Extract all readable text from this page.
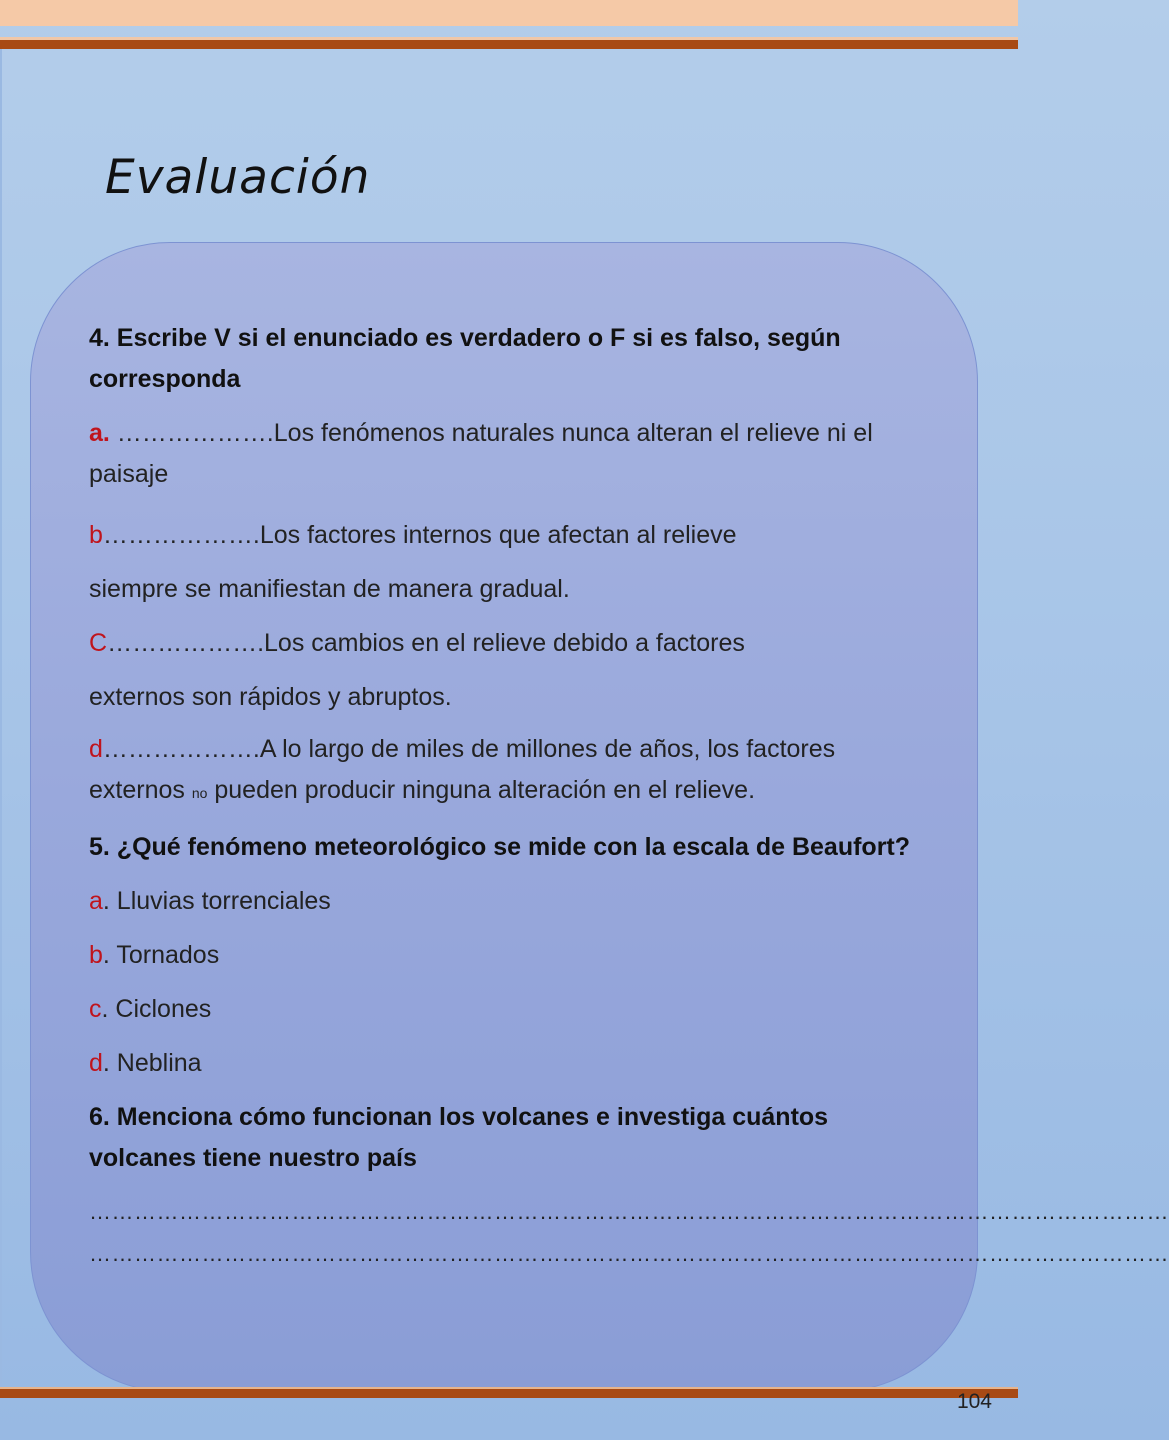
Evaluación
4. Escribe V si el enunciado es verdadero o F si es falso, según corresponda
a. ……………….Los fenómenos naturales nunca alteran el relieve ni el paisaje
b……………….Los factores internos que afectan al relieve
siempre se manifiestan de manera gradual.
C……………….Los cambios en el relieve debido a factores
externos son rápidos y abruptos.
d……………….A lo largo de miles de millones de años, los factores
externos no pueden producir ninguna alteración en el relieve.
5. ¿Qué fenómeno meteorológico se mide con la escala de Beaufort?
a. Lluvias torrenciales
b. Tornados
c. Ciclones
d. Neblina
6. Menciona cómo funcionan los volcanes e investiga cuántos volcanes tiene nuestro país
………………………………………………………………………………………………………………………………
………………………………………………………………………………………………………………………………
104
